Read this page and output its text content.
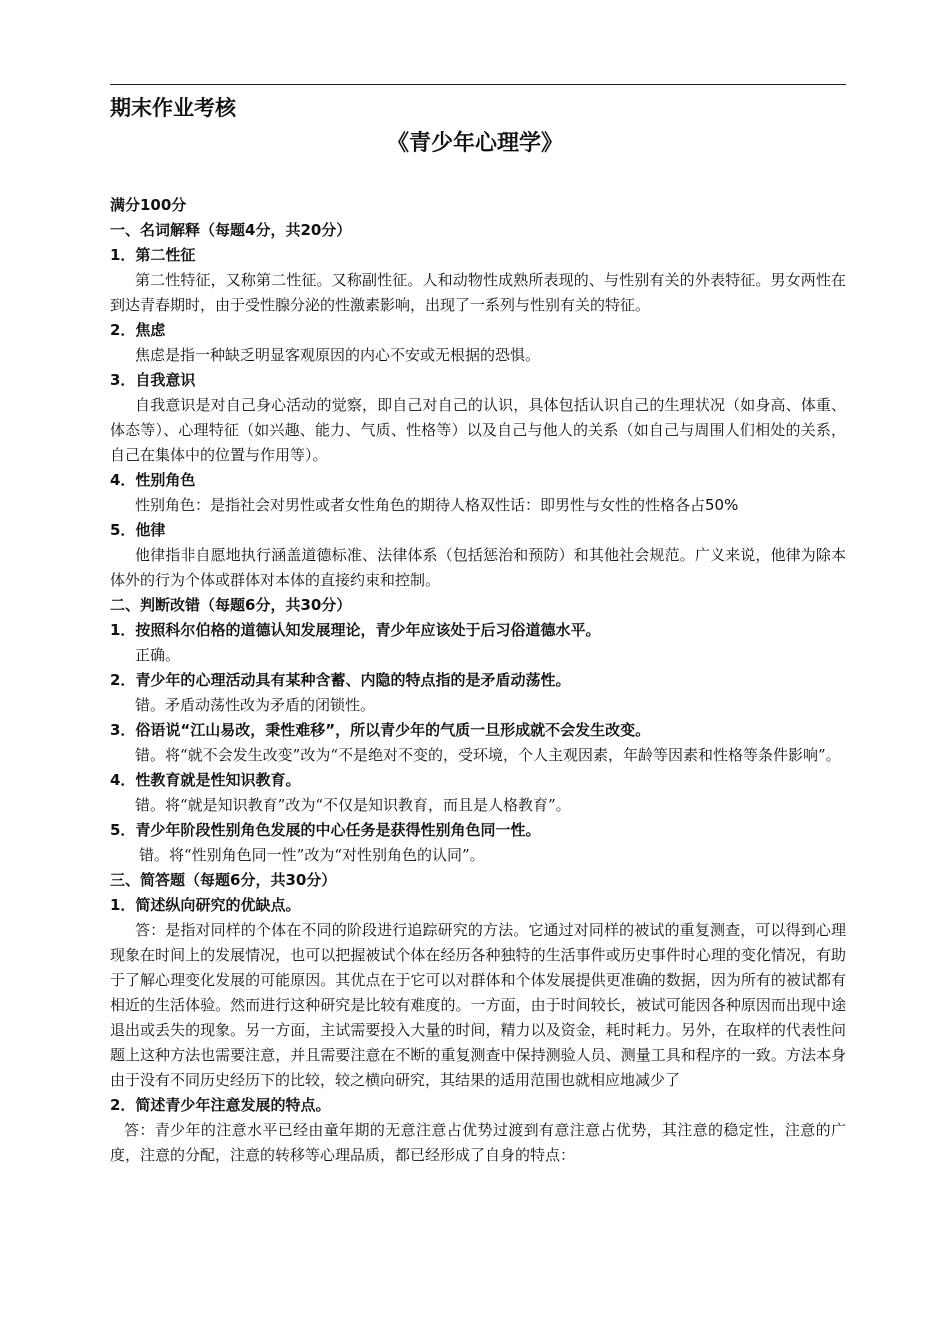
期末作业考核
《青少年心理学》

满分100分

一、名词解释（每题4分，共20分）

1．第二性征

第二性特征，又称第二性征。又称副性征。人和动物性成熟所表现的、与性别有关的外表特征。男女两性在到达青春期时，由于受性腺分泌的性激素影响，出现了一系列与性别有关的特征。

2．焦虑

焦虑是指一种缺乏明显客观原因的内心不安或无根据的恐惧。

3．自我意识

自我意识是对自己身心活动的觉察，即自己对自己的认识，具体包括认识自己的生理状况（如身高、体重、体态等）、心理特征（如兴趣、能力、气质、性格等）以及自己与他人的关系（如自己与周围人们相处的关系，自己在集体中的位置与作用等）。

4．性别角色

性别角色：是指社会对男性或者女性角色的期待人格双性话：即男性与女性的性格各占50%

5．他律

他律指非自愿地执行涵盖道德标准、法律体系（包括惩治和预防）和其他社会规范。广义来说，他律为除本体外的行为个体或群体对本体的直接约束和控制。

二、判断改错（每题6分，共30分）

1．按照科尔伯格的道德认知发展理论，青少年应该处于后习俗道德水平。

正确。

2．青少年的心理活动具有某种含蓄、内隐的特点指的是矛盾动荡性。

错。矛盾动荡性改为矛盾的闭锁性。

3．俗语说“江山易改，秉性难移”，所以青少年的气质一旦形成就不会发生改变。

错。将“就不会发生改变”改为“不是绝对不变的，受环境，个人主观因素，年龄等因素和性格等条件影响”。

4．性教育就是性知识教育。

错。将“就是知识教育”改为“不仅是知识教育，而且是人格教育”。

5．青少年阶段性别角色发展的中心任务是获得性别角色同一性。

错。将“性别角色同一性”改为“对性别角色的认同”。

三、简答题（每题6分，共30分）

1．简述纵向研究的优缺点。

答：是指对同样的个体在不同的阶段进行追踪研究的方法。它通过对同样的被试的重复测查，可以得到心理现象在时间上的发展情况，也可以把握被试个体在经历各种独特的生活事件或历史事件时心理的变化情况，有助于了解心理变化发展的可能原因。其优点在于它可以对群体和个体发展提供更准确的数据，因为所有的被试都有相近的生活体验。然而进行这种研究是比较有难度的。一方面，由于时间较长，被试可能因各种原因而出现中途退出或丢失的现象。另一方面，主试需要投入大量的时间，精力以及资金，耗时耗力。另外，在取样的代表性问题上这种方法也需要注意，并且需要注意在不断的重复测查中保持测验人员、测量工具和程序的一致。方法本身由于没有不同历史经历下的比较，较之横向研究，其结果的适用范围也就相应地减少了

2．简述青少年注意发展的特点。

答：青少年的注意水平已经由童年期的无意注意占优势过渡到有意注意占优势，其注意的稳定性，注意的广度，注意的分配，注意的转移等心理品质，都已经形成了自身的特点：
